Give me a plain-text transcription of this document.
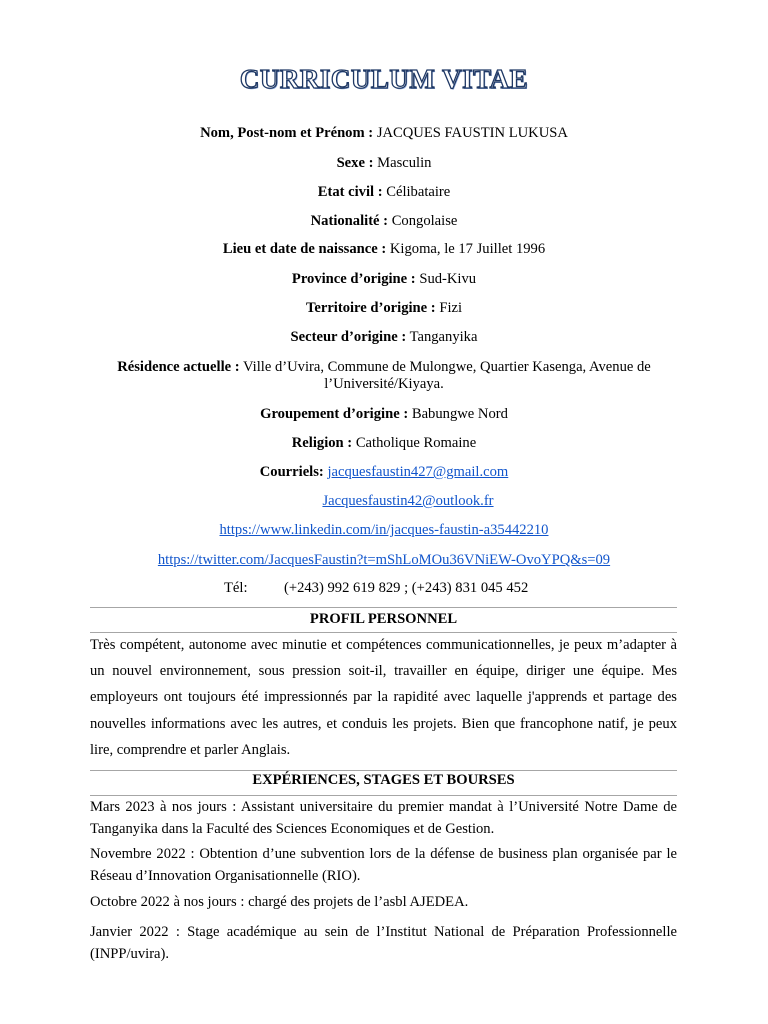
CURRICULUM VITAE
Nom, Post-nom et Prénom : JACQUES FAUSTIN LUKUSA
Sexe : Masculin
Etat civil : Célibataire
Nationalité : Congolaise
Lieu et date de naissance : Kigoma, le 17 Juillet 1996
Province d’origine : Sud-Kivu
Territoire d’origine : Fizi
Secteur d’origine : Tanganyika
Résidence actuelle : Ville d’Uvira, Commune de Mulongwe, Quartier Kasenga, Avenue de
l’Université/Kiyaya.
Groupement d’origine : Babungwe Nord
Religion : Catholique Romaine
Courriels: jacquesfaustin427@gmail.com
Jacquesfaustin42@outlook.fr
https://www.linkedin.com/in/jacques-faustin-a35442210
https://twitter.com/JacquesFaustin?t=mShLoMOu36VNiEW-OvoYPQ&s=09
Tél: (+243) 992 619 829 ; (+243) 831 045 452
PROFIL PERSONNEL
Très compétent, autonome avec minutie et compétences communicationnelles, je peux m’adapter à un nouvel environnement, sous pression soit-il, travailler en équipe, diriger une équipe. Mes employeurs ont toujours été impressionnés par la rapidité avec laquelle j'apprends et partage des nouvelles informations avec les autres, et conduis les projets. Bien que francophone natif, je peux lire, comprendre et parler Anglais.
EXPÉRIENCES, STAGES ET BOURSES
Mars 2023 à nos jours : Assistant universitaire du premier mandat à l’Université Notre Dame de Tanganyika dans la Faculté des Sciences Economiques et de Gestion.
Novembre 2022 : Obtention d’une subvention lors de la défense de business plan organisée par le Réseau d’Innovation Organisationnelle (RIO).
Octobre 2022 à nos jours : chargé des projets de l’asbl AJEDEA.
Janvier 2022 : Stage académique au sein de l’Institut National de Préparation Professionnelle (INPP/uvira).
